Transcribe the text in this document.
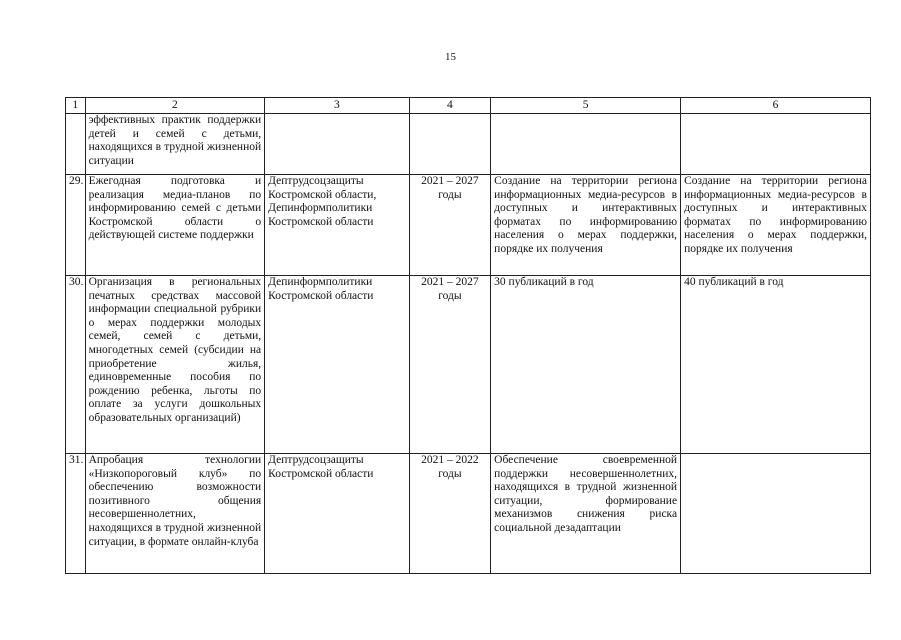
15
1	2	3	4	5	6
	эффективных практик поддержки детей и семей с детьми, находящихся в трудной жизненной ситуации				
29.	Ежегодная подготовка и реализация медиа-планов по информированию семей с детьми Костромской области о действующей системе поддержки	Дептрудсоцзащиты Костромской области, Депинформполитики Костромской области	2021 – 2027 годы	Создание на территории региона информационных медиа-ресурсов в доступных и интерактивных форматах по информированию населения о мерах поддержки, порядке их получения	Создание на территории региона информационных медиа-ресурсов в доступных и интерактивных форматах по информированию населения о мерах поддержки, порядке их получения
30.	Организация в региональных печатных средствах массовой информации специальной рубрики о мерах поддержки молодых семей, семей с детьми, многодетных семей (субсидии на приобретение жилья, единовременные пособия по рождению ребенка, льготы по оплате за услуги дошкольных образовательных организаций)	Депинформполитики Костромской области	2021 – 2027 годы	30 публикаций в год	40 публикаций в год
31.	Апробация технологии «Низкопороговый клуб» по обеспечению возможности позитивного общения несовершеннолетних, находящихся в трудной жизненной ситуации, в формате онлайн-клуба	Дептрудсоцзащиты Костромской области	2021 – 2022 годы	Обеспечение своевременной поддержки несовершеннолетних, находящихся в трудной жизненной ситуации, формирование механизмов снижения риска социальной дезадаптации	
